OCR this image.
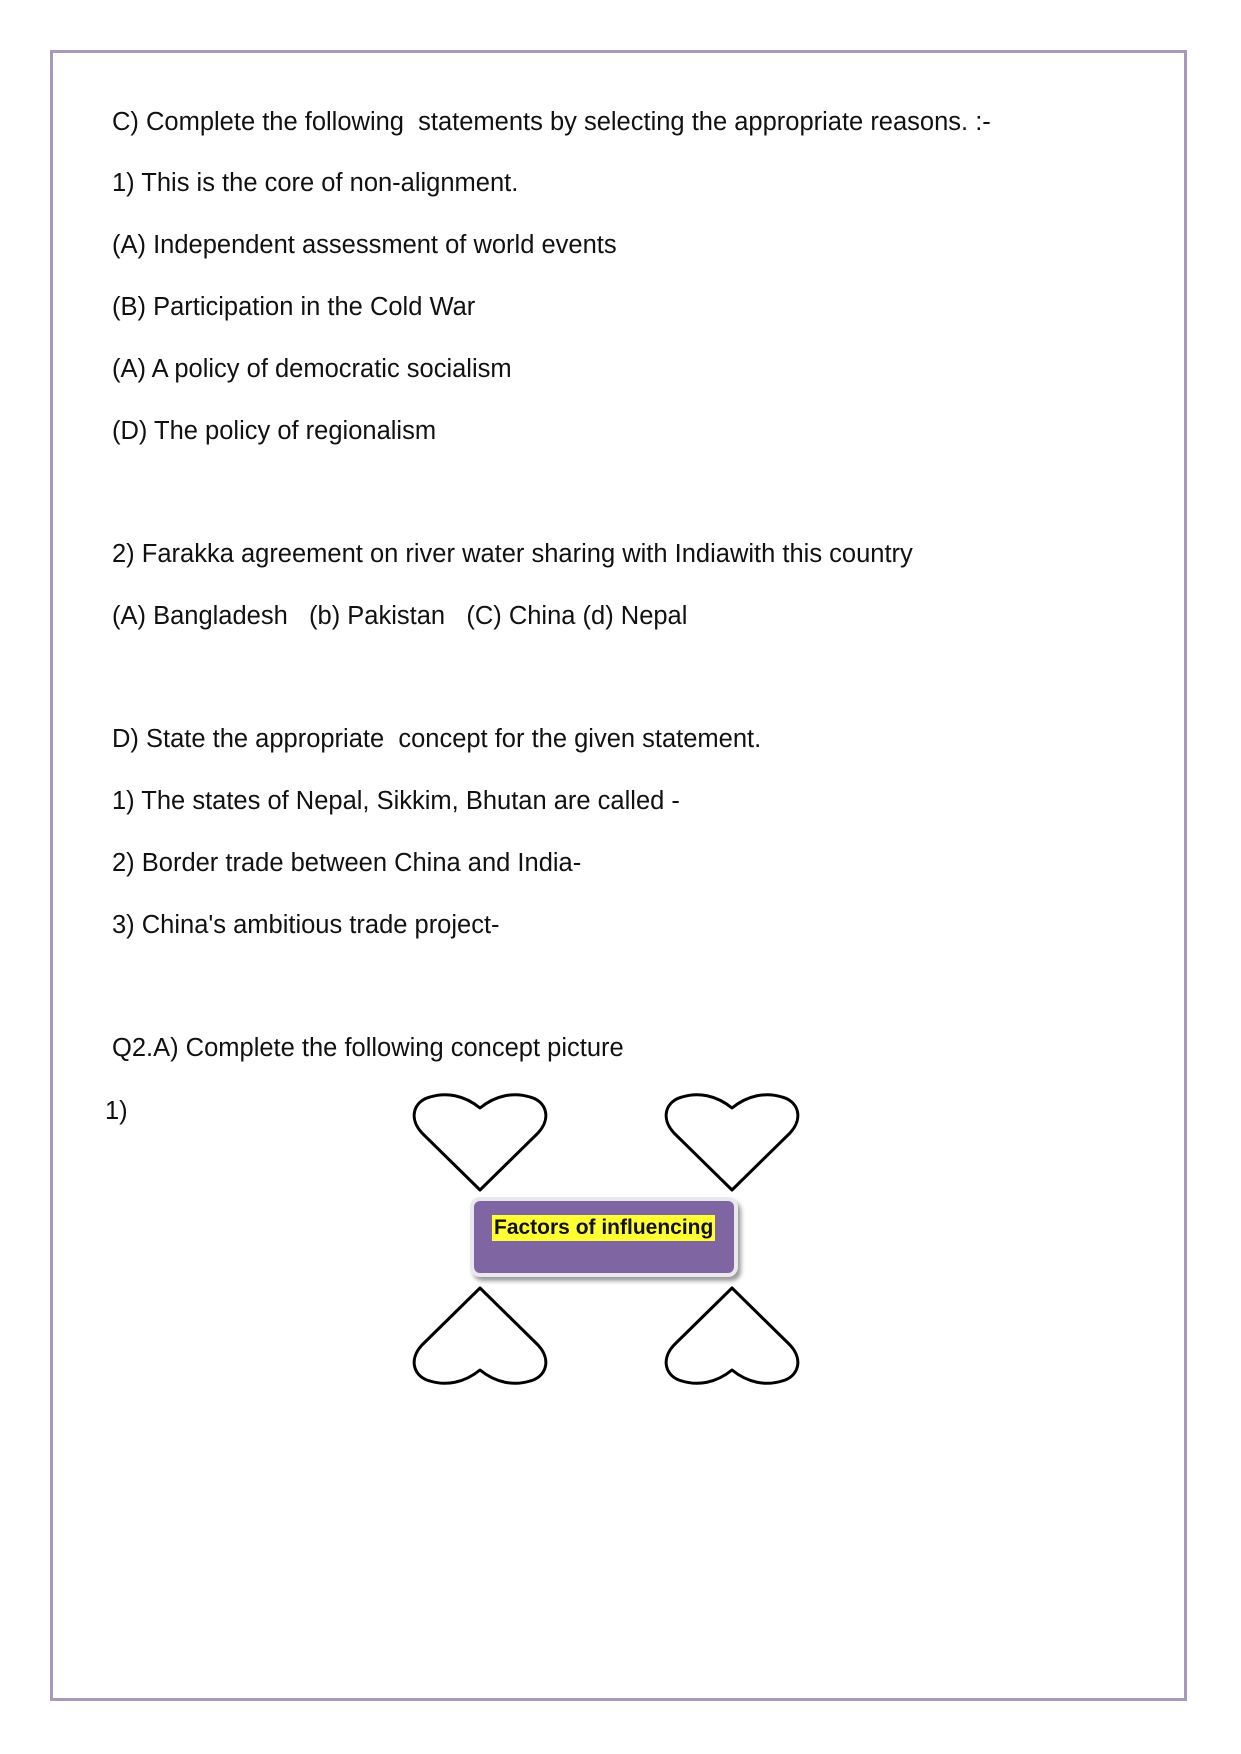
C) Complete the following  statements by selecting the appropriate reasons. :-
1) This is the core of non-alignment.
(A) Independent assessment of world events
(B) Participation in the Cold War
(A) A policy of democratic socialism
(D) The policy of regionalism
2) Farakka agreement on river water sharing with Indiawith this country
(A) Bangladesh   (b) Pakistan   (C) China (d) Nepal
D) State the appropriate  concept for the given statement.
1) The states of Nepal, Sikkim, Bhutan are called -
2) Border trade between China and India-
3) China's ambitious trade project-
Q2.A) Complete the following concept picture
1)
Factors of influencing
